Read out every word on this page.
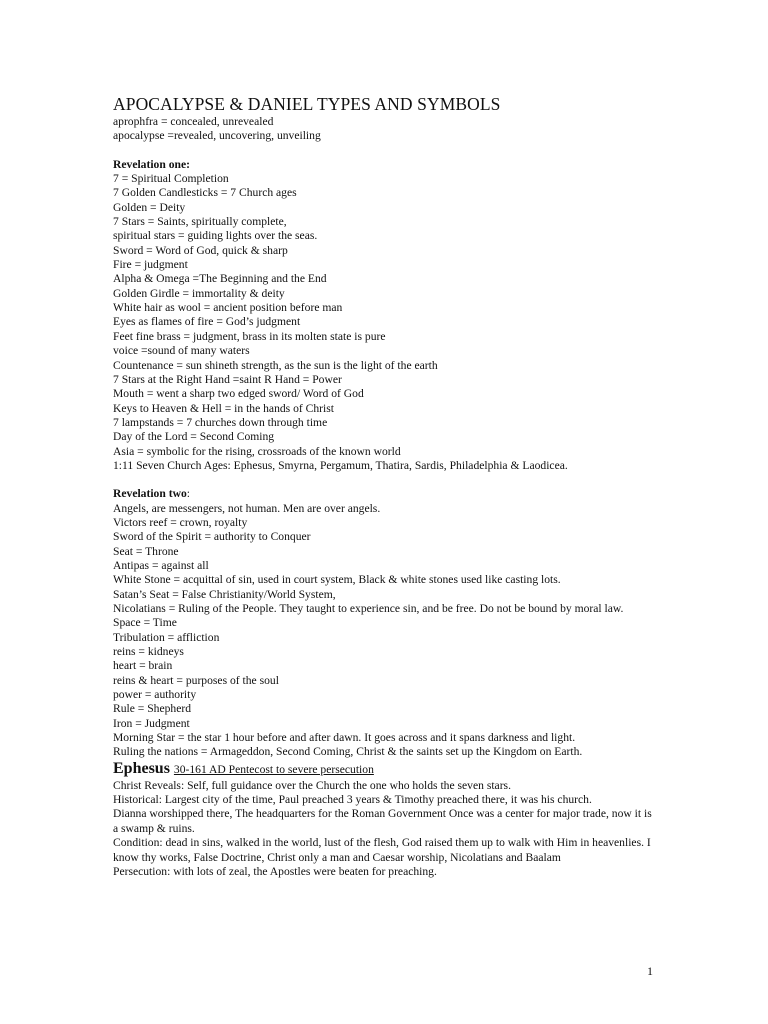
APOCALYPSE & DANIEL TYPES AND SYMBOLS
aprophfra = concealed, unrevealed
apocalypse =revealed, uncovering, unveiling
Revelation one:
7 = Spiritual Completion
7 Golden Candlesticks = 7 Church ages
Golden = Deity
7 Stars = Saints, spiritually complete,
spiritual stars = guiding lights over the seas.
Sword = Word of God, quick & sharp
Fire = judgment
Alpha & Omega =The Beginning and the End
Golden Girdle = immortality & deity
White hair as wool = ancient position before man
Eyes as flames of fire = God’s judgment
Feet fine brass = judgment, brass in its molten state is pure
voice =sound of many waters
Countenance = sun shineth strength, as the sun is the light of the earth
7 Stars at the Right Hand =saint R Hand = Power
Mouth = went a sharp two edged sword/ Word of God
Keys to Heaven & Hell = in the hands of Christ
7 lampstands = 7 churches down through time
Day of the Lord = Second Coming
Asia = symbolic for the rising, crossroads of the known world
1:11 Seven Church Ages: Ephesus, Smyrna, Pergamum, Thatira, Sardis, Philadelphia & Laodicea.
Revelation two:
Angels, are messengers, not human. Men are over angels.
Victors reef = crown, royalty
Sword of the Spirit = authority to Conquer
Seat = Throne
Antipas = against all
White Stone = acquittal of sin, used in court system, Black & white stones used like casting lots.
Satan’s Seat = False Christianity/World System,
Nicolatians = Ruling of the People. They taught to experience sin, and be free. Do not be bound by moral law.
Space = Time
Tribulation = affliction
reins = kidneys
heart = brain
reins & heart = purposes of the soul
power = authority
Rule = Shepherd
Iron = Judgment
Morning Star = the star 1 hour before and after dawn. It goes across and it spans darkness and light.
Ruling the nations = Armageddon, Second Coming, Christ & the saints set up the Kingdom on Earth.
Ephesus 30-161 AD Pentecost to severe persecution
Christ Reveals: Self, full guidance over the Church the one who holds the seven stars.
Historical: Largest city of the time, Paul preached 3 years & Timothy preached there, it was his church.
Dianna worshipped there, The headquarters for the Roman Government Once was a center for major trade, now it is a swamp & ruins.
Condition: dead in sins, walked in the world, lust of the flesh, God raised them up to walk with Him in heavenlies. I know thy works, False Doctrine, Christ only a man and Caesar worship, Nicolatians and Baalam
Persecution: with lots of zeal, the Apostles were beaten for preaching.
1
